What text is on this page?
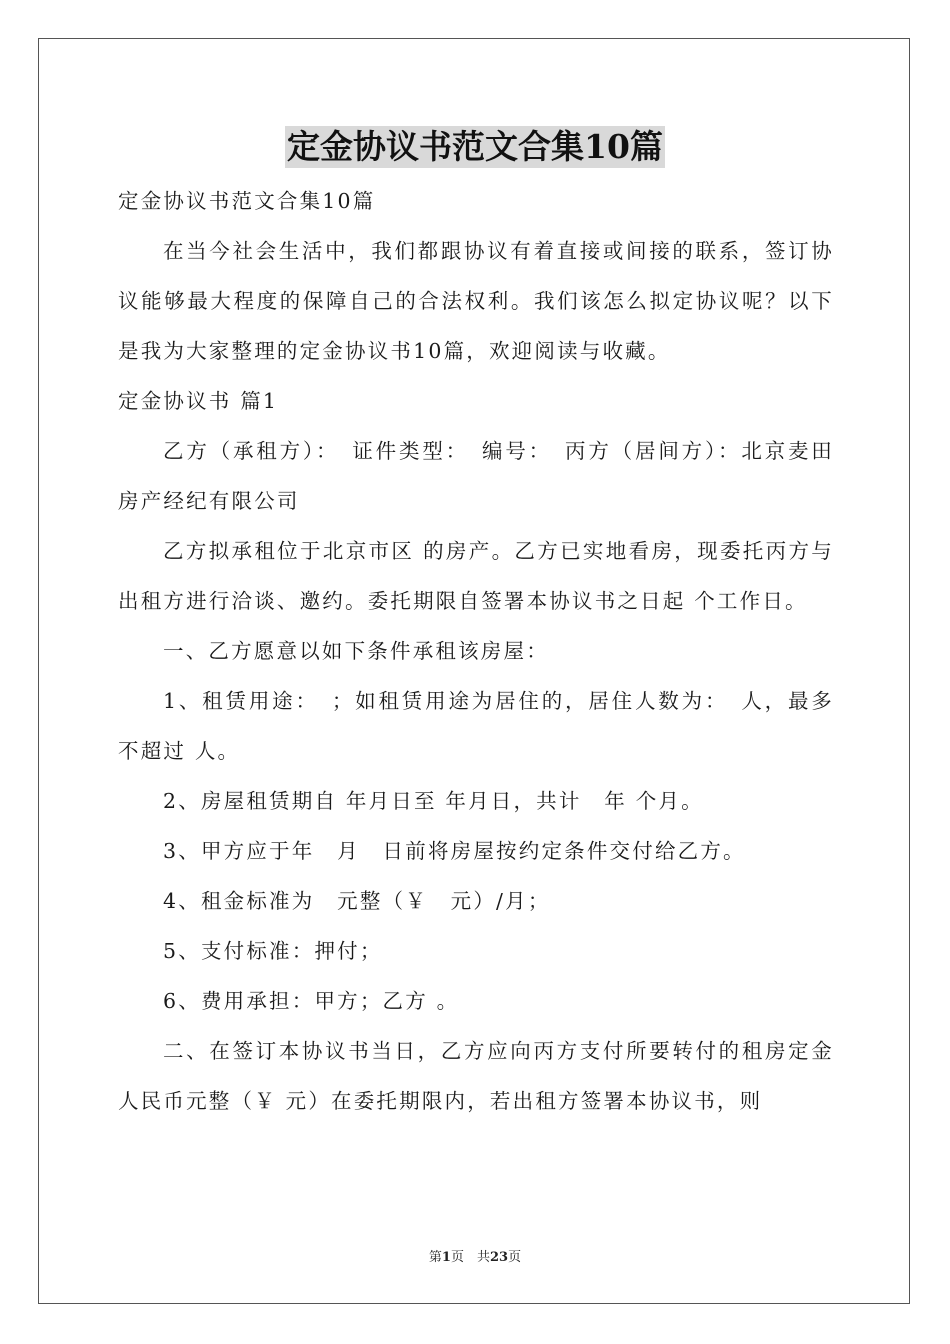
定金协议书范文合集10篇

定金协议书范文合集10篇

在当今社会生活中，我们都跟协议有着直接或间接的联系，签订协议能够最大程度的保障自己的合法权利。我们该怎么拟定协议呢？以下是我为大家整理的定金协议书10篇，欢迎阅读与收藏。

定金协议书 篇1

乙方（承租方）：　证件类型：　编号：　丙方（居间方）：北京麦田房产经纪有限公司

乙方拟承租位于北京市区 的房产。乙方已实地看房，现委托丙方与出租方进行洽谈、邀约。委托期限自签署本协议书之日起 个工作日。

一、乙方愿意以如下条件承租该房屋：

1、租赁用途：　；如租赁用途为居住的，居住人数为：　人，最多不超过 人。

2、房屋租赁期自 年月日至 年月日，共计　年 个月。

3、甲方应于年　月　日前将房屋按约定条件交付给乙方。

4、租金标准为　元整（￥　元）/月；

5、支付标准：押付；

6、费用承担：甲方；乙方 。

二、在签订本协议书当日，乙方应向丙方支付所要转付的租房定金人民币元整（￥ 元）在委托期限内，若出租方签署本协议书，则

第1页　共23页
